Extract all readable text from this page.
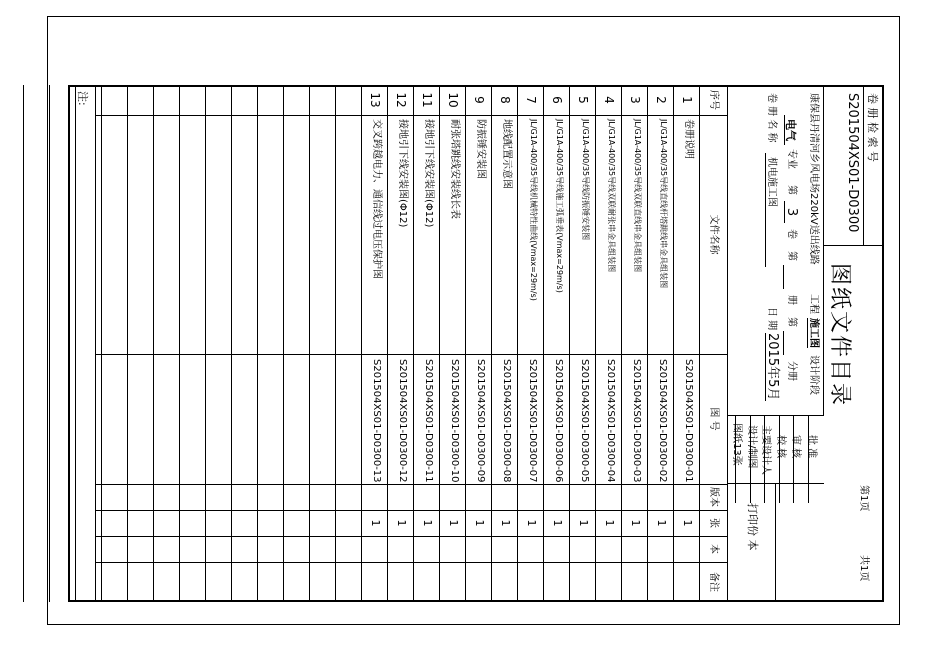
卷 册 检 索 号
S201504XS01-D0300
图纸文件目录
康保县丹清河乡风电场220kV送出线路
工程
施工图
设计阶段
电气
专业
第
3
卷
第
册
第
分册
卷 册 名 称
机电施工图
日 期
2015年5月
批 准
审 核
校 核
主要设计人
设计/制图
图纸13张
第1页
共1页
打印份 本
序号
文件名称
图 号
版本
张
本
备注
1
卷册说明
S201504XS01-D0300-01
1
2
JL/G1A-400/35导线直线杆塔跳线串金具组装图
S201504XS01-D0300-02
1
3
JL/G1A-400/35导线双联直线串金具组装图
S201504XS01-D0300-03
1
4
JL/G1A-400/35导线双联耐张串金具组装图
S201504XS01-D0300-04
1
5
JL/G1A-400/35导线防振锤安装图
S201504XS01-D0300-05
1
6
JL/G1A-400/35导线施工弧垂表(Vmax=29m/s)
S201504XS01-D0300-06
1
7
JL/G1A-400/35导线机械特性曲线(Vmax=29m/s)
S201504XS01-D0300-07
1
8
地线配置示意图
S201504XS01-D0300-08
1
9
防振锤安装图
S201504XS01-D0300-09
1
10
耐张塔跳线安装线长表
S201504XS01-D0300-10
1
11
接地引下线安装图(Φ12)
S201504XS01-D0300-11
1
12
接地引下线安装图(Φ12)
S201504XS01-D0300-12
1
13
交叉跨越电力、通信线过电压保护图
S201504XS01-D0300-13
1
注:
